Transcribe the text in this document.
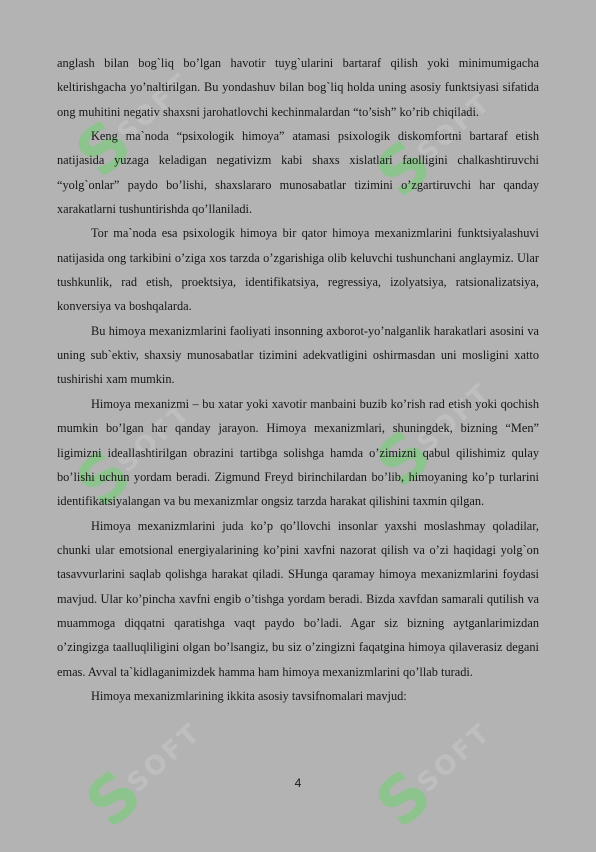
S
SOFT
S
SOFT
S
SOFT	S
SOFT
S
SOFT S
SOFT

anglash bilan bog`liq bo’lgan havotir tuyg`ularini bartaraf qilish yoki minimumigacha keltirishgacha yo’naltirilgan. Bu yondashuv bilan bog`liq holda uning asosiy funktsiyasi sifatida ong muhitini negativ shaxsni jarohatlovchi kechinmalardan “to’sish” ko’rib chiqiladi.

Keng ma`noda “psixologik himoya” atamasi psixologik diskomfortni bartaraf etish natijasida yuzaga keladigan negativizm kabi shaxs xislatlari faolligini chalkashtiruvchi “yolg`onlar” paydo bo’lishi, shaxslararo munosabatlar tizimini o’zgartiruvchi har qanday xarakatlarni tushuntirishda qo’llaniladi.

Tor ma`noda esa psixologik himoya bir qator himoya mexanizmlarini funktsiyalashuvi natijasida ong tarkibini o’ziga xos tarzda o’zgarishiga olib keluvchi tushunchani anglaymiz. Ular tushkunlik, rad etish, proektsiya, identifikatsiya, regressiya, izolyatsiya, ratsionalizatsiya, konversiya va boshqalarda.

Bu himoya mexanizmlarini faoliyati insonning axborot-yo’nalganlik harakatlari asosini va uning sub`ektiv, shaxsiy munosabatlar tizimini adekvatligini oshirmasdan uni mosligini xatto tushirishi xam mumkin.

Himoya mexanizmi – bu xatar yoki xavotir manbaini buzib ko’rish rad etish yoki qochish mumkin bo’lgan har qanday jarayon. Himoya mexanizmlari, shuningdek, bizning “Men” ligimizni ideallashtirilgan obrazini tartibga solishga hamda o’zimizni qabul qilishimiz qulay bo’lishi uchun yordam beradi. Zigmund Freyd birinchilardan bo’lib, himoyaning ko’p turlarini identifikatsiyalangan va bu mexanizmlar ongsiz tarzda harakat qilishini taxmin qilgan.

Himoya mexanizmlarini juda ko’p qo’llovchi insonlar yaxshi moslashmay qoladilar, chunki ular emotsional energiyalarining ko’pini xavfni nazorat qilish va o’zi haqidagi yolg`on tasavvurlarini saqlab qolishga harakat qiladi. SHunga qaramay himoya mexanizmlarini foydasi mavjud. Ular ko’pincha xavfni engib o’tishga yordam beradi. Bizda xavfdan samarali qutilish va muammoga diqqatni qaratishga vaqt paydo bo’ladi. Agar siz bizning aytganlarimizdan o’zingizga taalluqliligini olgan bo’lsangiz, bu siz o’zingizni faqatgina himoya qilaverasiz degani emas. Avval ta`kidlaganimizdek hamma ham himoya mexanizmlarini qo’llab turadi.

Himoya mexanizmlarining ikkita asosiy tavsifnomalari mavjud:

4
